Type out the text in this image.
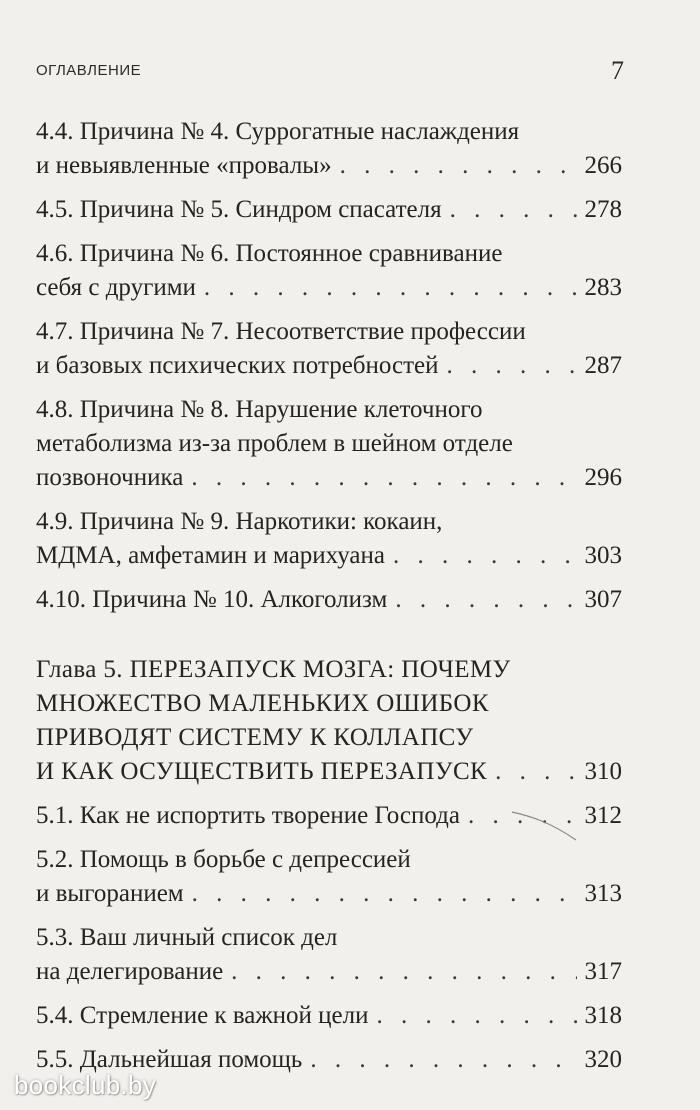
ОГЛАВЛЕНИЕ	7
4.4. Причина № 4. Суррогатные наслаждения
и невыявленные «провалы» . . .	266
4.5. Причина № 5. Синдром спасателя . . .	278
4.6. Причина № 6. Постоянное сравнивание
себя с другими . . .	283
4.7. Причина № 7. Несоответствие профессии
и базовых психических потребностей . . .	287
4.8. Причина № 8. Нарушение клеточного
метаболизма из-за проблем в шейном отделе
позвоночника . . .	296
4.9. Причина № 9. Наркотики: кокаин,
МДМА, амфетамин и марихуана . . .	303
4.10. Причина № 10. Алкоголизм . . .	307
Глава 5. ПЕРЕЗАПУСК МОЗГА: ПОЧЕМУ
МНОЖЕСТВО МАЛЕНЬКИХ ОШИБОК
ПРИВОДЯТ СИСТЕМУ К КОЛЛАПСУ
И КАК ОСУЩЕСТВИТЬ ПЕРЕЗАПУСК . . .	310
5.1. Как не испортить творение Господа . . .	312
5.2. Помощь в борьбе с депрессией
и выгоранием . . .	313
5.3. Ваш личный список дел
на делегирование . . .	317
5.4. Стремление к важной цели . . .	318
5.5. Дальнейшая помощь . . .	320
bookclub.by
